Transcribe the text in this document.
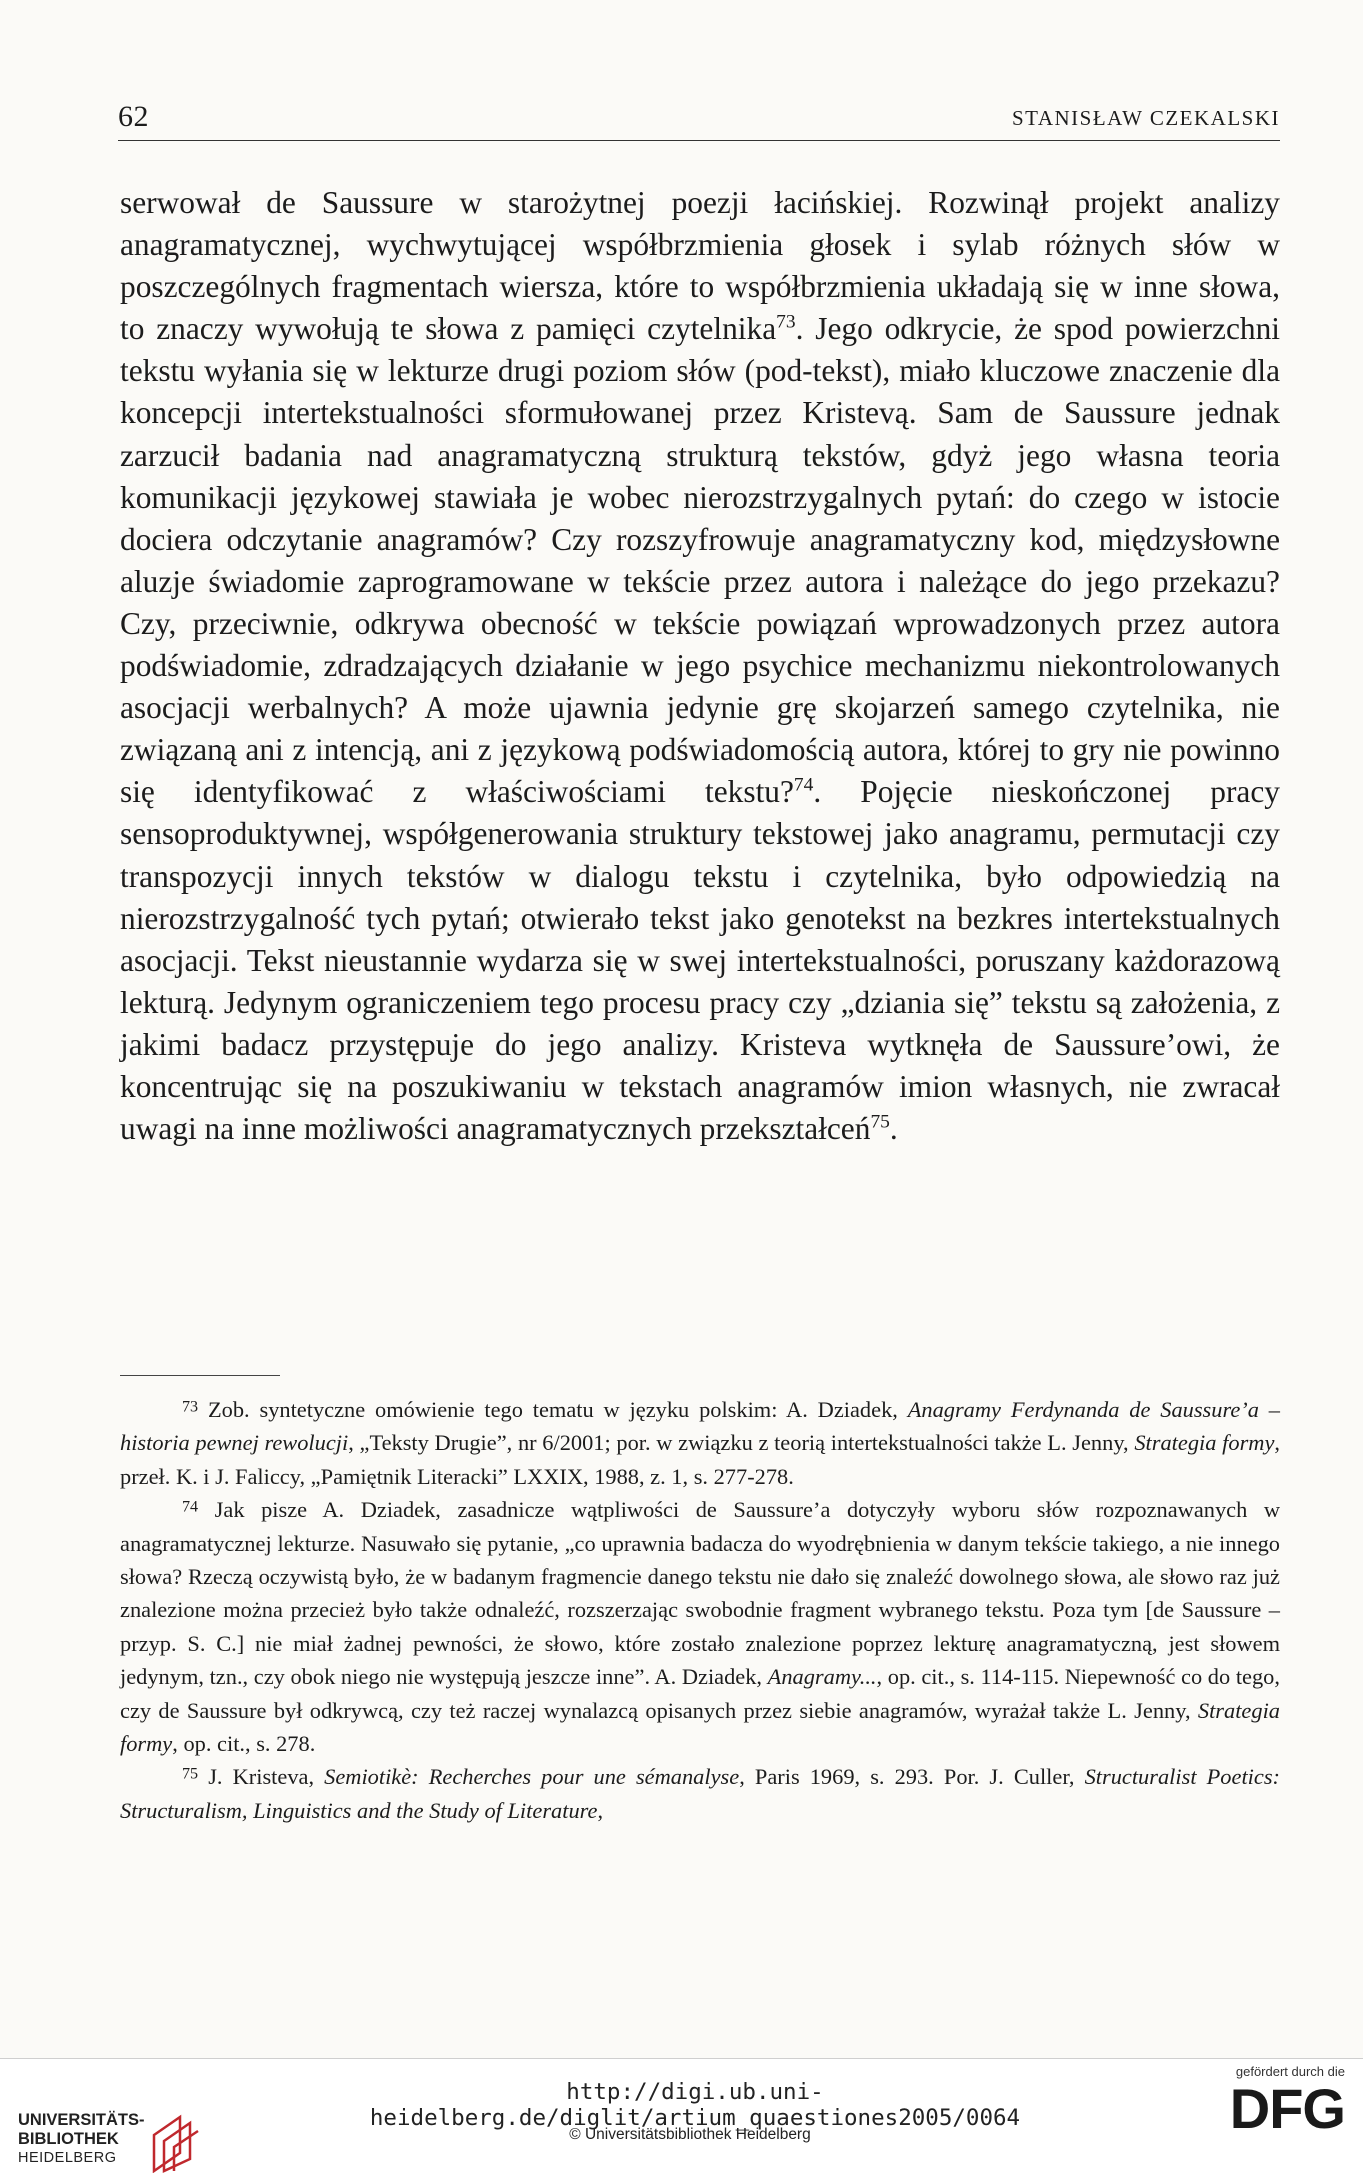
62	STANISŁAW CZEKALSKI

serwował de Saussure w starożytnej poezji łacińskiej. Rozwinął projekt analizy anagramatycznej, wychwytującej współbrzmienia głosek i sylab różnych słów w poszczególnych fragmentach wiersza, które to współbrzmienia układają się w inne słowa, to znaczy wywołują te słowa z pamięci czytelnika$^{73}$. Jego odkrycie, że spod powierzchni tekstu wyłania się w lekturze drugi poziom słów (pod-tekst), miało kluczowe znaczenie dla koncepcji intertekstualności sformułowanej przez Kristevą. Sam de Saussure jednak zarzucił badania nad anagramatyczną strukturą tekstów, gdyż jego własna teoria komunikacji językowej stawiała je wobec nierozstrzygalnych pytań: do czego w istocie dociera odczytanie anagramów? Czy rozszyfrowuje anagramatyczny kod, międzysłowne aluzje świadomie zaprogramowane w tekście przez autora i należące do jego przekazu? Czy, przeciwnie, odkrywa obecność w tekście powiązań wprowadzonych przez autora podświadomie, zdradzających działanie w jego psychice mechanizmu niekontrolowanych asocjacji werbalnych? A może ujawnia jedynie grę skojarzeń samego czytelnika, nie związaną ani z intencją, ani z językową podświadomością autora, której to gry nie powinno się identyfikować z właściwościami tekstu?$^{74}$. Pojęcie nieskończonej pracy sensoproduktywnej, współgenerowania struktury tekstowej jako anagramu, permutacji czy transpozycji innych tekstów w dialogu tekstu i czytelnika, było odpowiedzią na nierozstrzygalność tych pytań; otwierało tekst jako genotekst na bezkres intertekstualnych asocjacji. Tekst nieustannie wydarza się w swej intertekstualności, poruszany każdorazową lekturą. Jedynym ograniczeniem tego procesu pracy czy „dziania się” tekstu są założenia, z jakimi badacz przystępuje do jego analizy. Kristeva wytknęła de Saussure’owi, że koncentrując się na poszukiwaniu w tekstach anagramów imion własnych, nie zwracał uwagi na inne możliwości anagramatycznych przekształceń$^{75}$.

$^{73}$ Zob. syntetyczne omówienie tego tematu w języku polskim: A. Dziadek, Anagramy Ferdynanda de Saussure’a – historia pewnej rewolucji, „Teksty Drugie”, nr 6/2001; por. w związku z teorią intertekstualności także L. Jenny, Strategia formy, przeł. K. i J. Faliccy, „Pamiętnik Literacki” LXXIX, 1988, z. 1, s. 277-278.

$^{74}$ Jak pisze A. Dziadek, zasadnicze wątpliwości de Saussure’a dotyczyły wyboru słów rozpoznawanych w anagramatycznej lekturze. Nasuwało się pytanie, „co uprawnia badacza do wyodrębnienia w danym tekście takiego, a nie innego słowa? Rzeczą oczywistą było, że w badanym fragmencie danego tekstu nie dało się znaleźć dowolnego słowa, ale słowo raz już znalezione można przecież było także odnaleźć, rozszerzając swobodnie fragment wybranego tekstu. Poza tym [de Saussure – przyp. S. C.] nie miał żadnej pewności, że słowo, które zostało znalezione poprzez lekturę anagramatyczną, jest słowem jedynym, tzn., czy obok niego nie występują jeszcze inne”. A. Dziadek, Anagramy..., op. cit., s. 114-115. Niepewność co do tego, czy de Saussure był odkrywcą, czy też raczej wynalazcą opisanych przez siebie anagramów, wyrażał także L. Jenny, Strategia formy, op. cit., s. 278.

$^{75}$ J. Kristeva, Semiotikè: Recherches pour une sémanalyse, Paris 1969, s. 293. Por. J. Culler, Structuralist Poetics: Structuralism, Linguistics and the Study of Literature,

UNIVERSITÄTS-
BIBLIOTHEK
HEIDELBERG
http://digi.ub.uni-heidelberg.de/diglit/artium_quaestiones2005/0064
© Universitätsbibliothek Heidelberg
gefördert durch die
DFG
